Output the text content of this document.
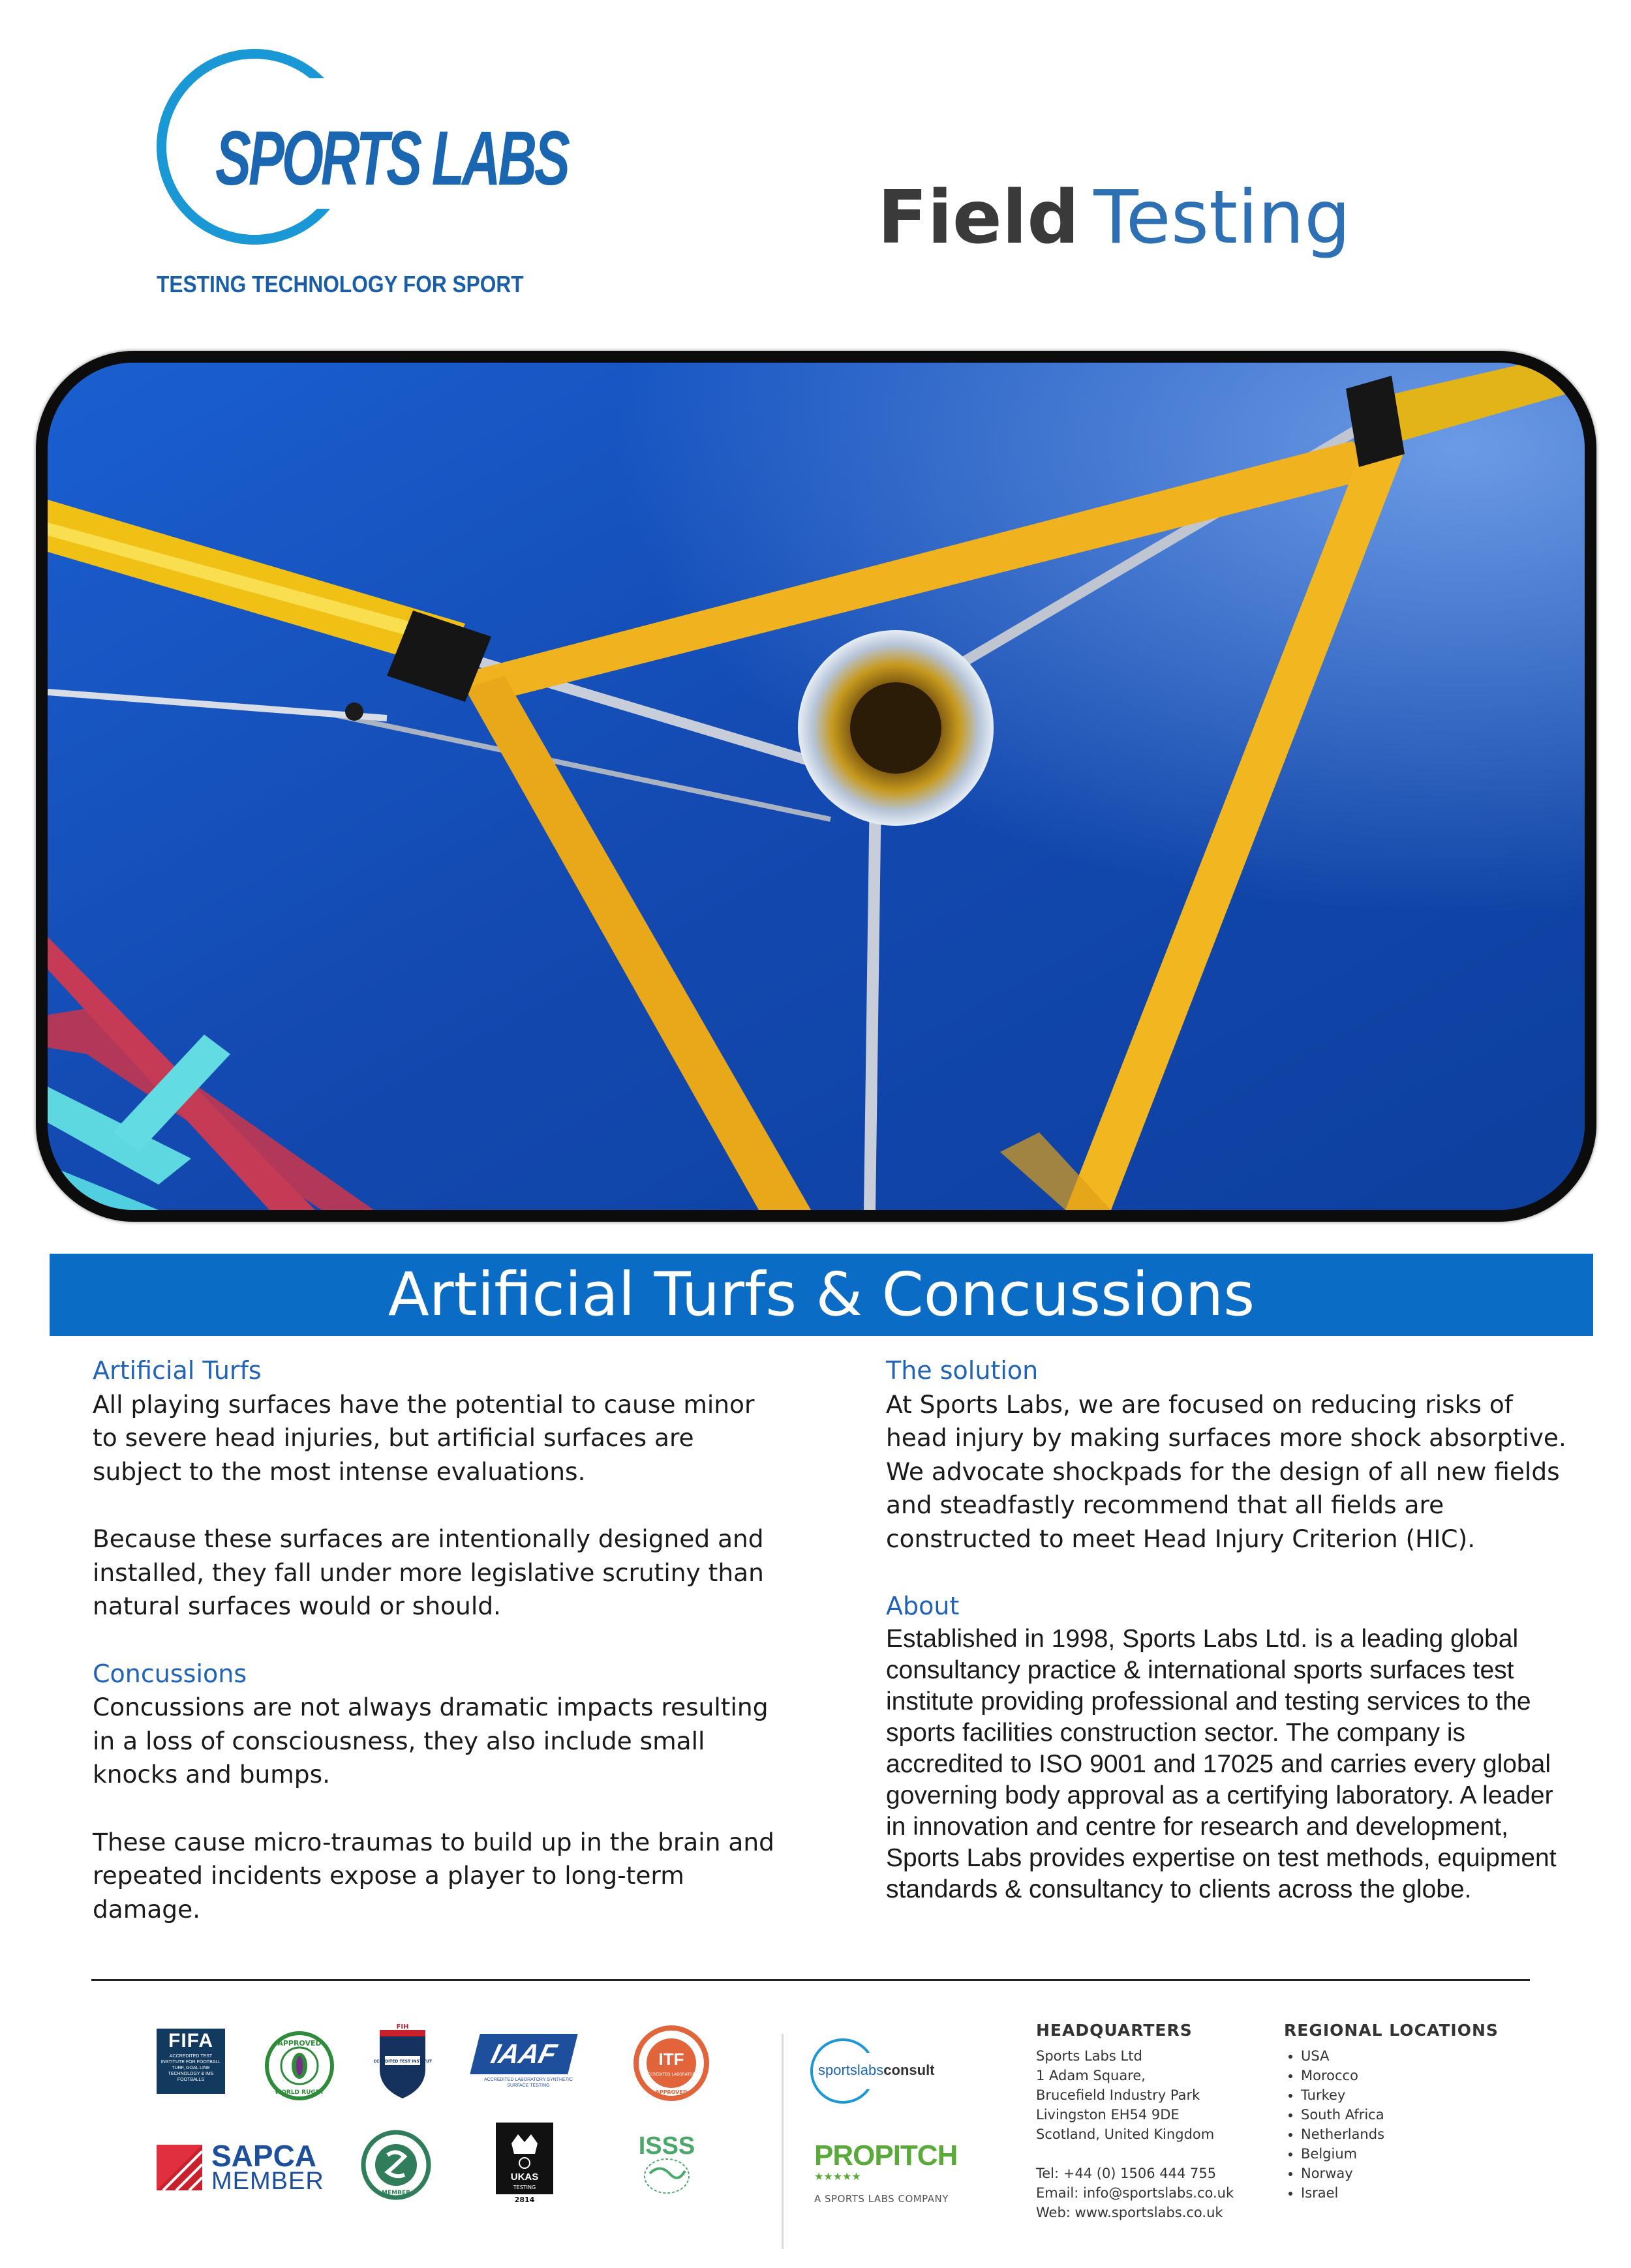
SPORTS LABS
TESTING TECHNOLOGY FOR SPORT
Field Testing
Artificial Turfs & Concussions
Artificial Turfs

All playing surfaces have the potential to cause minor to severe head injuries, but artificial surfaces are subject to the most intense evaluations.

Because these surfaces are intentionally designed and installed, they fall under more legislative scrutiny than natural surfaces would or should.

Concussions

Concussions are not always dramatic impacts resulting in a loss of consciousness, they also include small knocks and bumps.

These cause micro-traumas to build up in the brain and repeated incidents expose a player to long-term damage.

The solution

At Sports Labs, we are focused on reducing risks of head injury by making surfaces more shock absorptive. We advocate shockpads for the design of all new fields and steadfastly recommend that all fields are constructed to meet Head Injury Criterion (HIC).

About

Established in 1998, Sports Labs Ltd. is a leading global consultancy practice & international sports surfaces test institute providing professional and testing services to the sports facilities construction sector. The company is accredited to ISO 9001 and 17025 and carries every global governing body approval as a certifying laboratory. A leader in innovation and centre for research and development, Sports Labs provides expertise on test methods, equipment standards & consultancy to clients across the globe.

FIFA
ACCREDITED TEST INSTITUTE FOR FOOTBALL TURF, GOAL LINE TECHNOLOGY & IMS FOOTBALLS
APPROVED
WORLD RUGBY
FIH
ACCREDITED TEST INSTITUTE	IAAF
ACCREDITED LABORATORY SYNTHETIC SURFACE TESTING
ITF
ACCREDITED LABORATORY
APPROVED
SAPCA
MEMBER	MEMBER
UKAS
TESTING
2814
ISSS
sportslabsconsult
PROPITCH
★★★★★
A SPORTS LABS COMPANY
HEADQUARTERS
Sports Labs Ltd
1 Adam Square,
Brucefield Industry Park
Livingston EH54 9DE
Scotland, United Kingdom
Tel: +44 (0) 1506 444 755
Email: info@sportslabs.co.uk
Web: www.sportslabs.co.uk
REGIONAL LOCATIONS
• USA
• Morocco
• Turkey
• South Africa
• Netherlands
• Belgium
• Norway
• Israel
